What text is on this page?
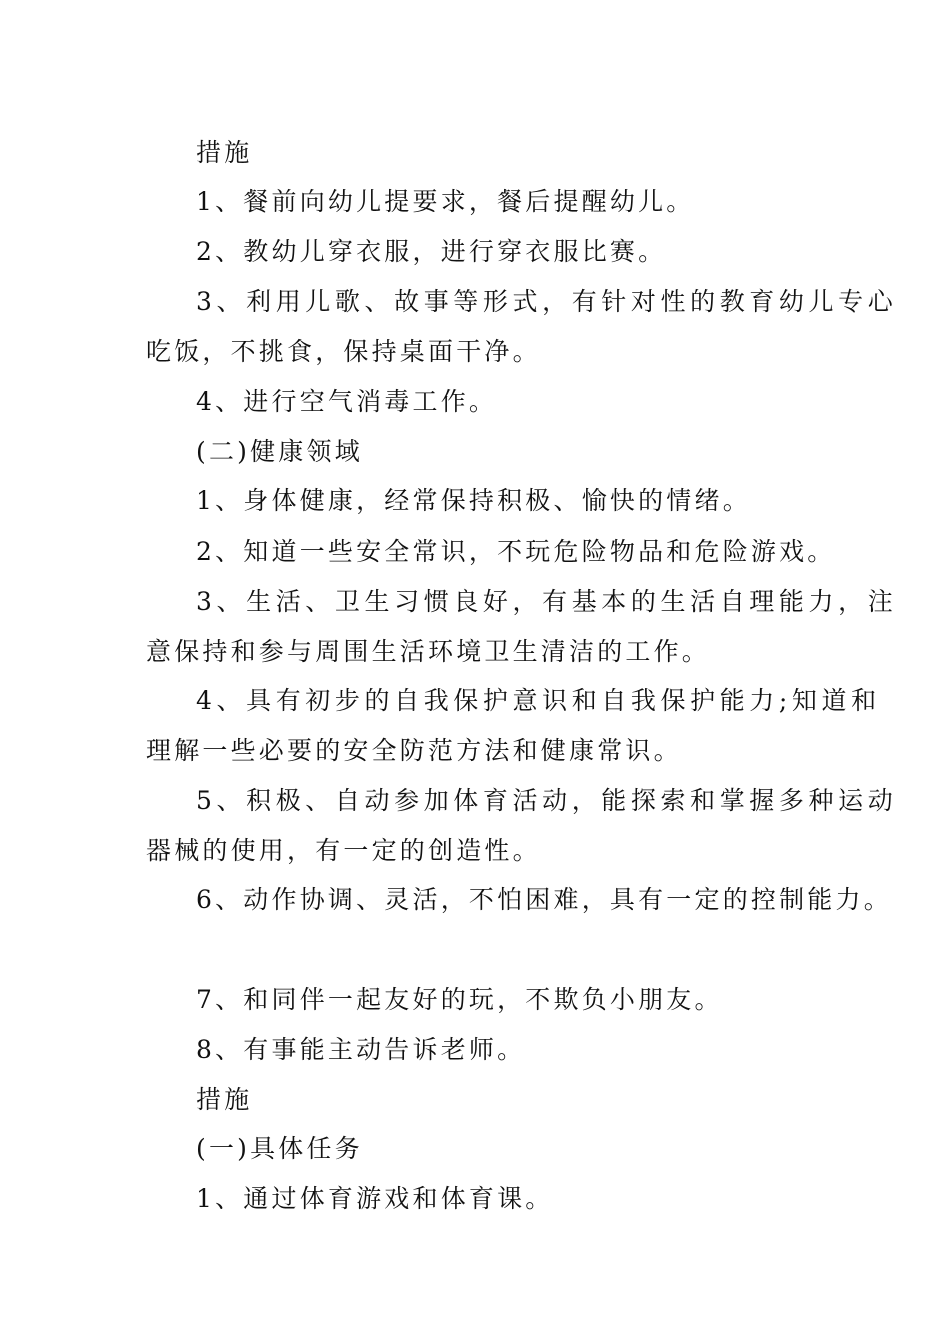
措施
1、餐前向幼儿提要求，餐后提醒幼儿。
2、教幼儿穿衣服，进行穿衣服比赛。
3、利用儿歌、故事等形式，有针对性的教育幼儿专心
吃饭，不挑食，保持桌面干净。
4、进行空气消毒工作。
(二)健康领域
1、身体健康，经常保持积极、愉快的情绪。
2、知道一些安全常识，不玩危险物品和危险游戏。
3、生活、卫生习惯良好，有基本的生活自理能力，注
意保持和参与周围生活环境卫生清洁的工作。
4、具有初步的自我保护意识和自我保护能力;知道和
理解一些必要的安全防范方法和健康常识。
5、积极、自动参加体育活动，能探索和掌握多种运动
器械的使用，有一定的创造性。
6、动作协调、灵活，不怕困难，具有一定的控制能力。
7、和同伴一起友好的玩，不欺负小朋友。
8、有事能主动告诉老师。
措施
(一)具体任务
1、通过体育游戏和体育课。
